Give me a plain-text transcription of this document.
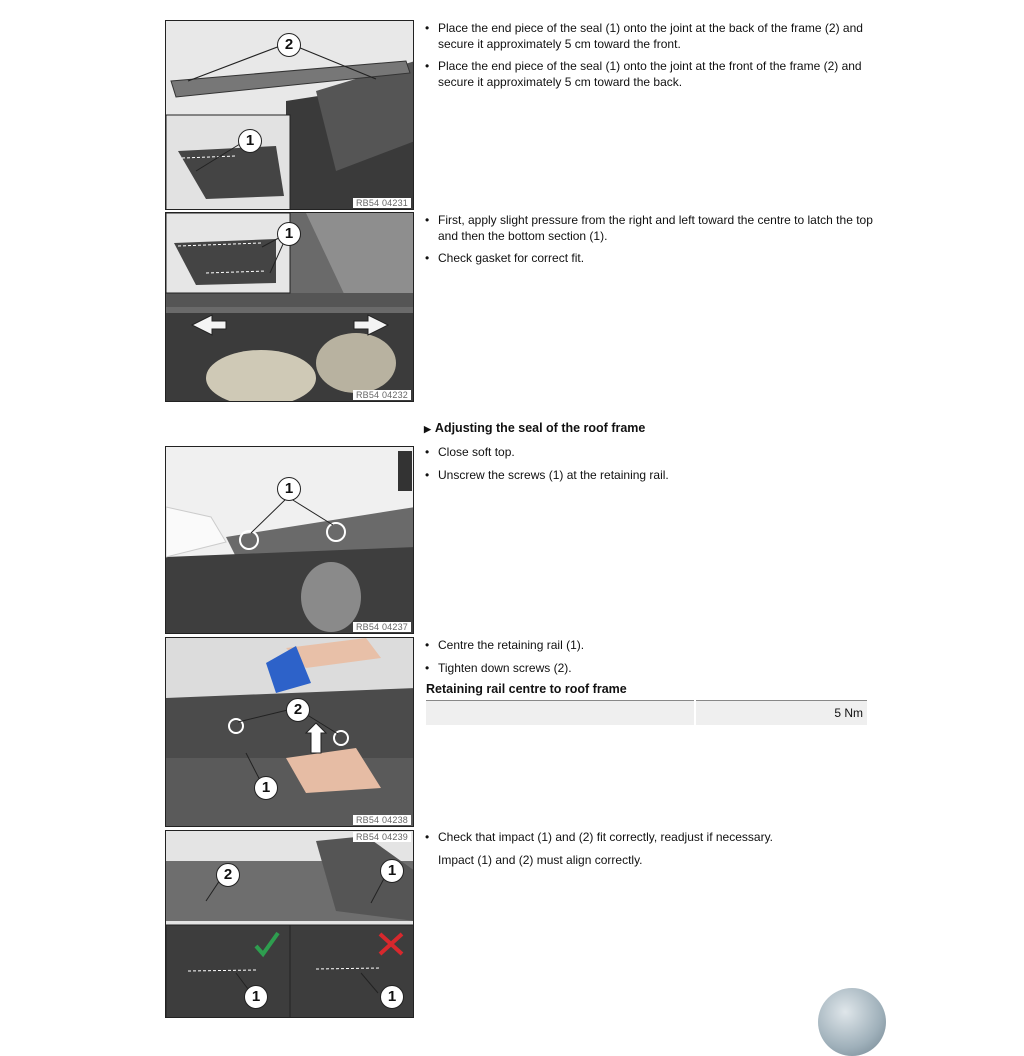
2
1
RB54 04231
• Place the end piece of the seal (1) onto the joint at the back of the frame (2) and secure it approximately 5 cm toward the front.
• Place the end piece of the seal (1) onto the joint at the front of the frame (2) and secure it approximately 5 cm toward the back.
1
RB54 04232
• First, apply slight pressure from the right and left toward the centre to latch the top and then the bottom section (1).
• Check gasket for correct fit.
▶ Adjusting the seal of the roof frame
• Close soft top.
• Unscrew the screws (1) at the retaining rail.
1
RB54 04237
2
1
RB54 04238
• Centre the retaining rail (1).
• Tighten down screws (2).
Retaining rail centre to roof frame
	5 Nm
RB54 04239
2	1
1	1
• Check that impact (1) and (2) fit correctly, readjust if necessary.
Impact (1) and (2) must align correctly.
